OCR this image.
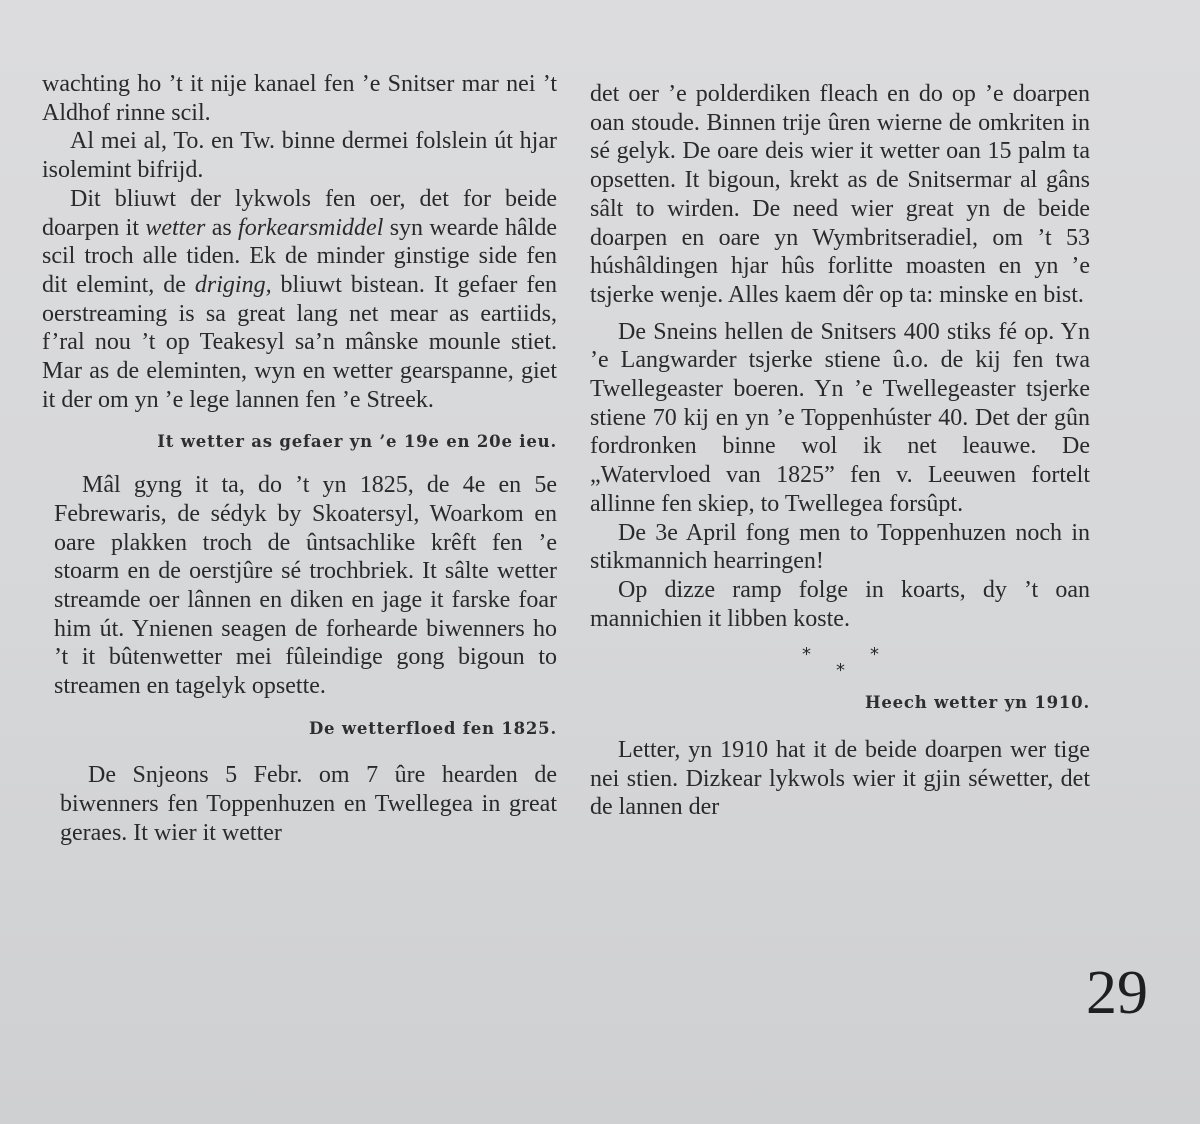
wachting ho ’t it nije kanael fen ’e Snitser mar nei ’t Aldhof rinne scil.

Al mei al, To. en Tw. binne dermei folslein út hjar isolemint bifrijd.

Dit bliuwt der lykwols fen oer, det for beide doarpen it wetter as forkearsmiddel syn wearde hâlde scil troch alle tiden. Ek de minder ginstige side fen dit elemint, de driging, bliuwt bistean. It gefaer fen oerstreaming is sa great lang net mear as eartiids, f’ral nou ’t op Teakesyl sa’n mânske mounle stiet. Mar as de eleminten, wyn en wetter gearspanne, giet it der om yn ’e lege lannen fen ’e Streek.

It wetter as gefaer yn ’e 19e en 20e ieu.

Mâl gyng it ta, do ’t yn 1825, de 4e en 5e Febrewaris, de sédyk by Skoatersyl, Woarkom en oare plakken troch de ûntsachlike krêft fen ’e stoarm en de oerstjûre sé trochbriek. It sâlte wetter streamde oer lânnen en diken en jage it farske foar him út. Ynienen seagen de forhearde biwenners ho ’t it bûtenwetter mei fûleindige gong bigoun to streamen en tagelyk opsette.

De wetterfloed fen 1825.

De Snjeons 5 Febr. om 7 ûre hearden de biwenners fen Toppenhuzen en Twellegea in great geraes. It wier it wetter

det oer ’e polderdiken fleach en do op ’e doarpen oan stoude. Binnen trije ûren wierne de omkriten in sé gelyk. De oare deis wier it wetter oan 15 palm ta opsetten. It bigoun, krekt as de Snitsermar al gâns sâlt to wirden. De need wier great yn de beide doarpen en oare yn Wymbritseradiel, om ’t 53 húshâldingen hjar hûs forlitte moasten en yn ’e tsjerke wenje. Alles kaem dêr op ta: minske en bist.

De Sneins hellen de Snitsers 400 stiks fé op. Yn ’e Langwarder tsjerke stiene û.o. de kij fen twa Twellegeaster boeren. Yn ’e Twellegeaster tsjerke stiene 70 kij en yn ’e Toppenhúster 40. Det der gûn fordronken binne wol ik net leauwe. De „Watervloed van 1825” fen v. Leeuwen fortelt allinne fen skiep, to Twellegea forsûpt.

De 3e April fong men to Toppenhuzen noch in stikmannich hearringen!

Op dizze ramp folge in koarts, dy ’t oan mannichien it libben koste.

*	*
*
Heech wetter yn 1910.

Letter, yn 1910 hat it de beide doarpen wer tige nei stien. Dizkear lykwols wier it gjin séwetter, det de lannen der

29
